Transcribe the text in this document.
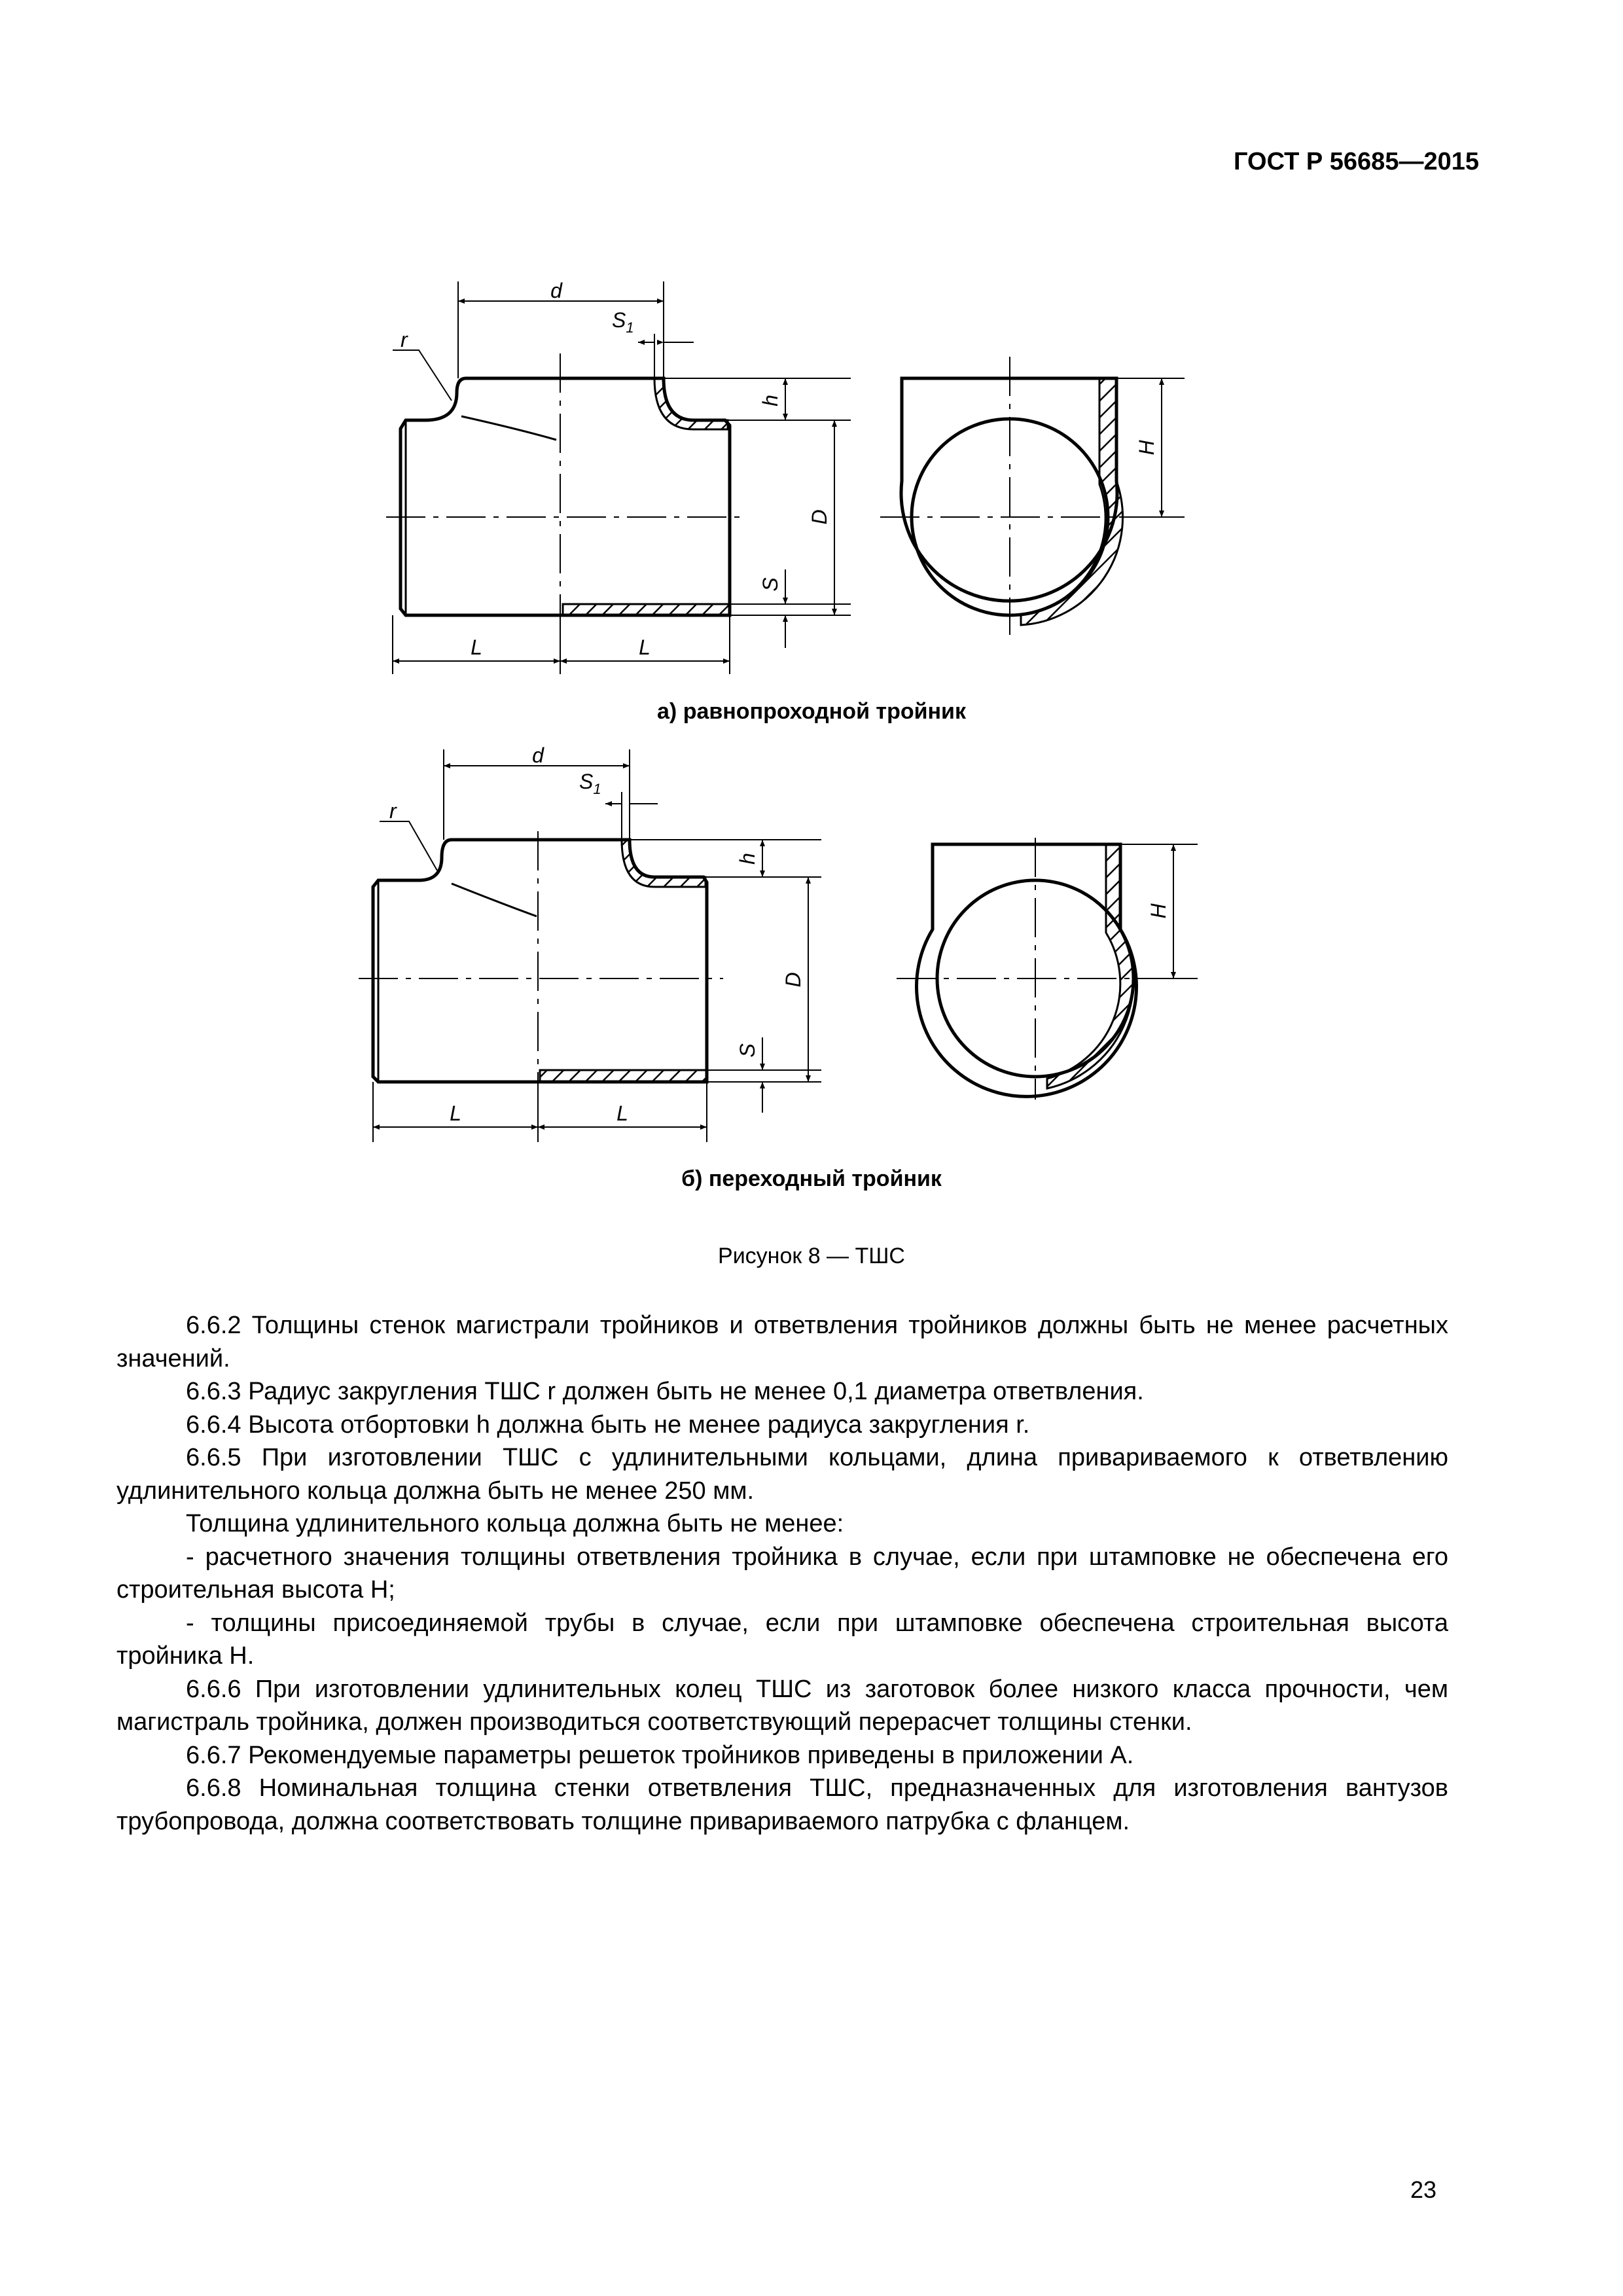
ГОСТ Р 56685—2015
d
$S_1$
r
h
D
S
L	L
H
d
$S_1$
r
h
D
S
L	L
H
а) равнопроходной тройник
б) переходный тройник
Рисунок 8 — ТШС

6.6.2 Толщины стенок магистрали тройников и ответвления тройников должны быть не менее расчетных значений.

6.6.3 Радиус закругления ТШС r должен быть не менее 0,1 диаметра ответвления.

6.6.4 Высота отбортовки h должна быть не менее радиуса закругления r.

6.6.5 При изготовлении ТШС с удлинительными кольцами, длина привариваемого к ответвлению удлинительного кольца должна быть не менее 250 мм.

Толщина удлинительного кольца должна быть не менее:

- расчетного значения толщины ответвления тройника в случае, если при штамповке не обеспечена его строительная высота H;

- толщины присоединяемой трубы в случае, если при штамповке обеспечена строительная высота тройника H.

6.6.6 При изготовлении удлинительных колец ТШС из заготовок более низкого класса прочности, чем магистраль тройника, должен производиться соответствующий перерасчет толщины стенки.

6.6.7 Рекомендуемые параметры решеток тройников приведены в приложении А.

6.6.8 Номинальная толщина стенки ответвления ТШС, предназначенных для изготовления вантузов трубопровода, должна соответствовать толщине привариваемого патрубка с фланцем.

23
